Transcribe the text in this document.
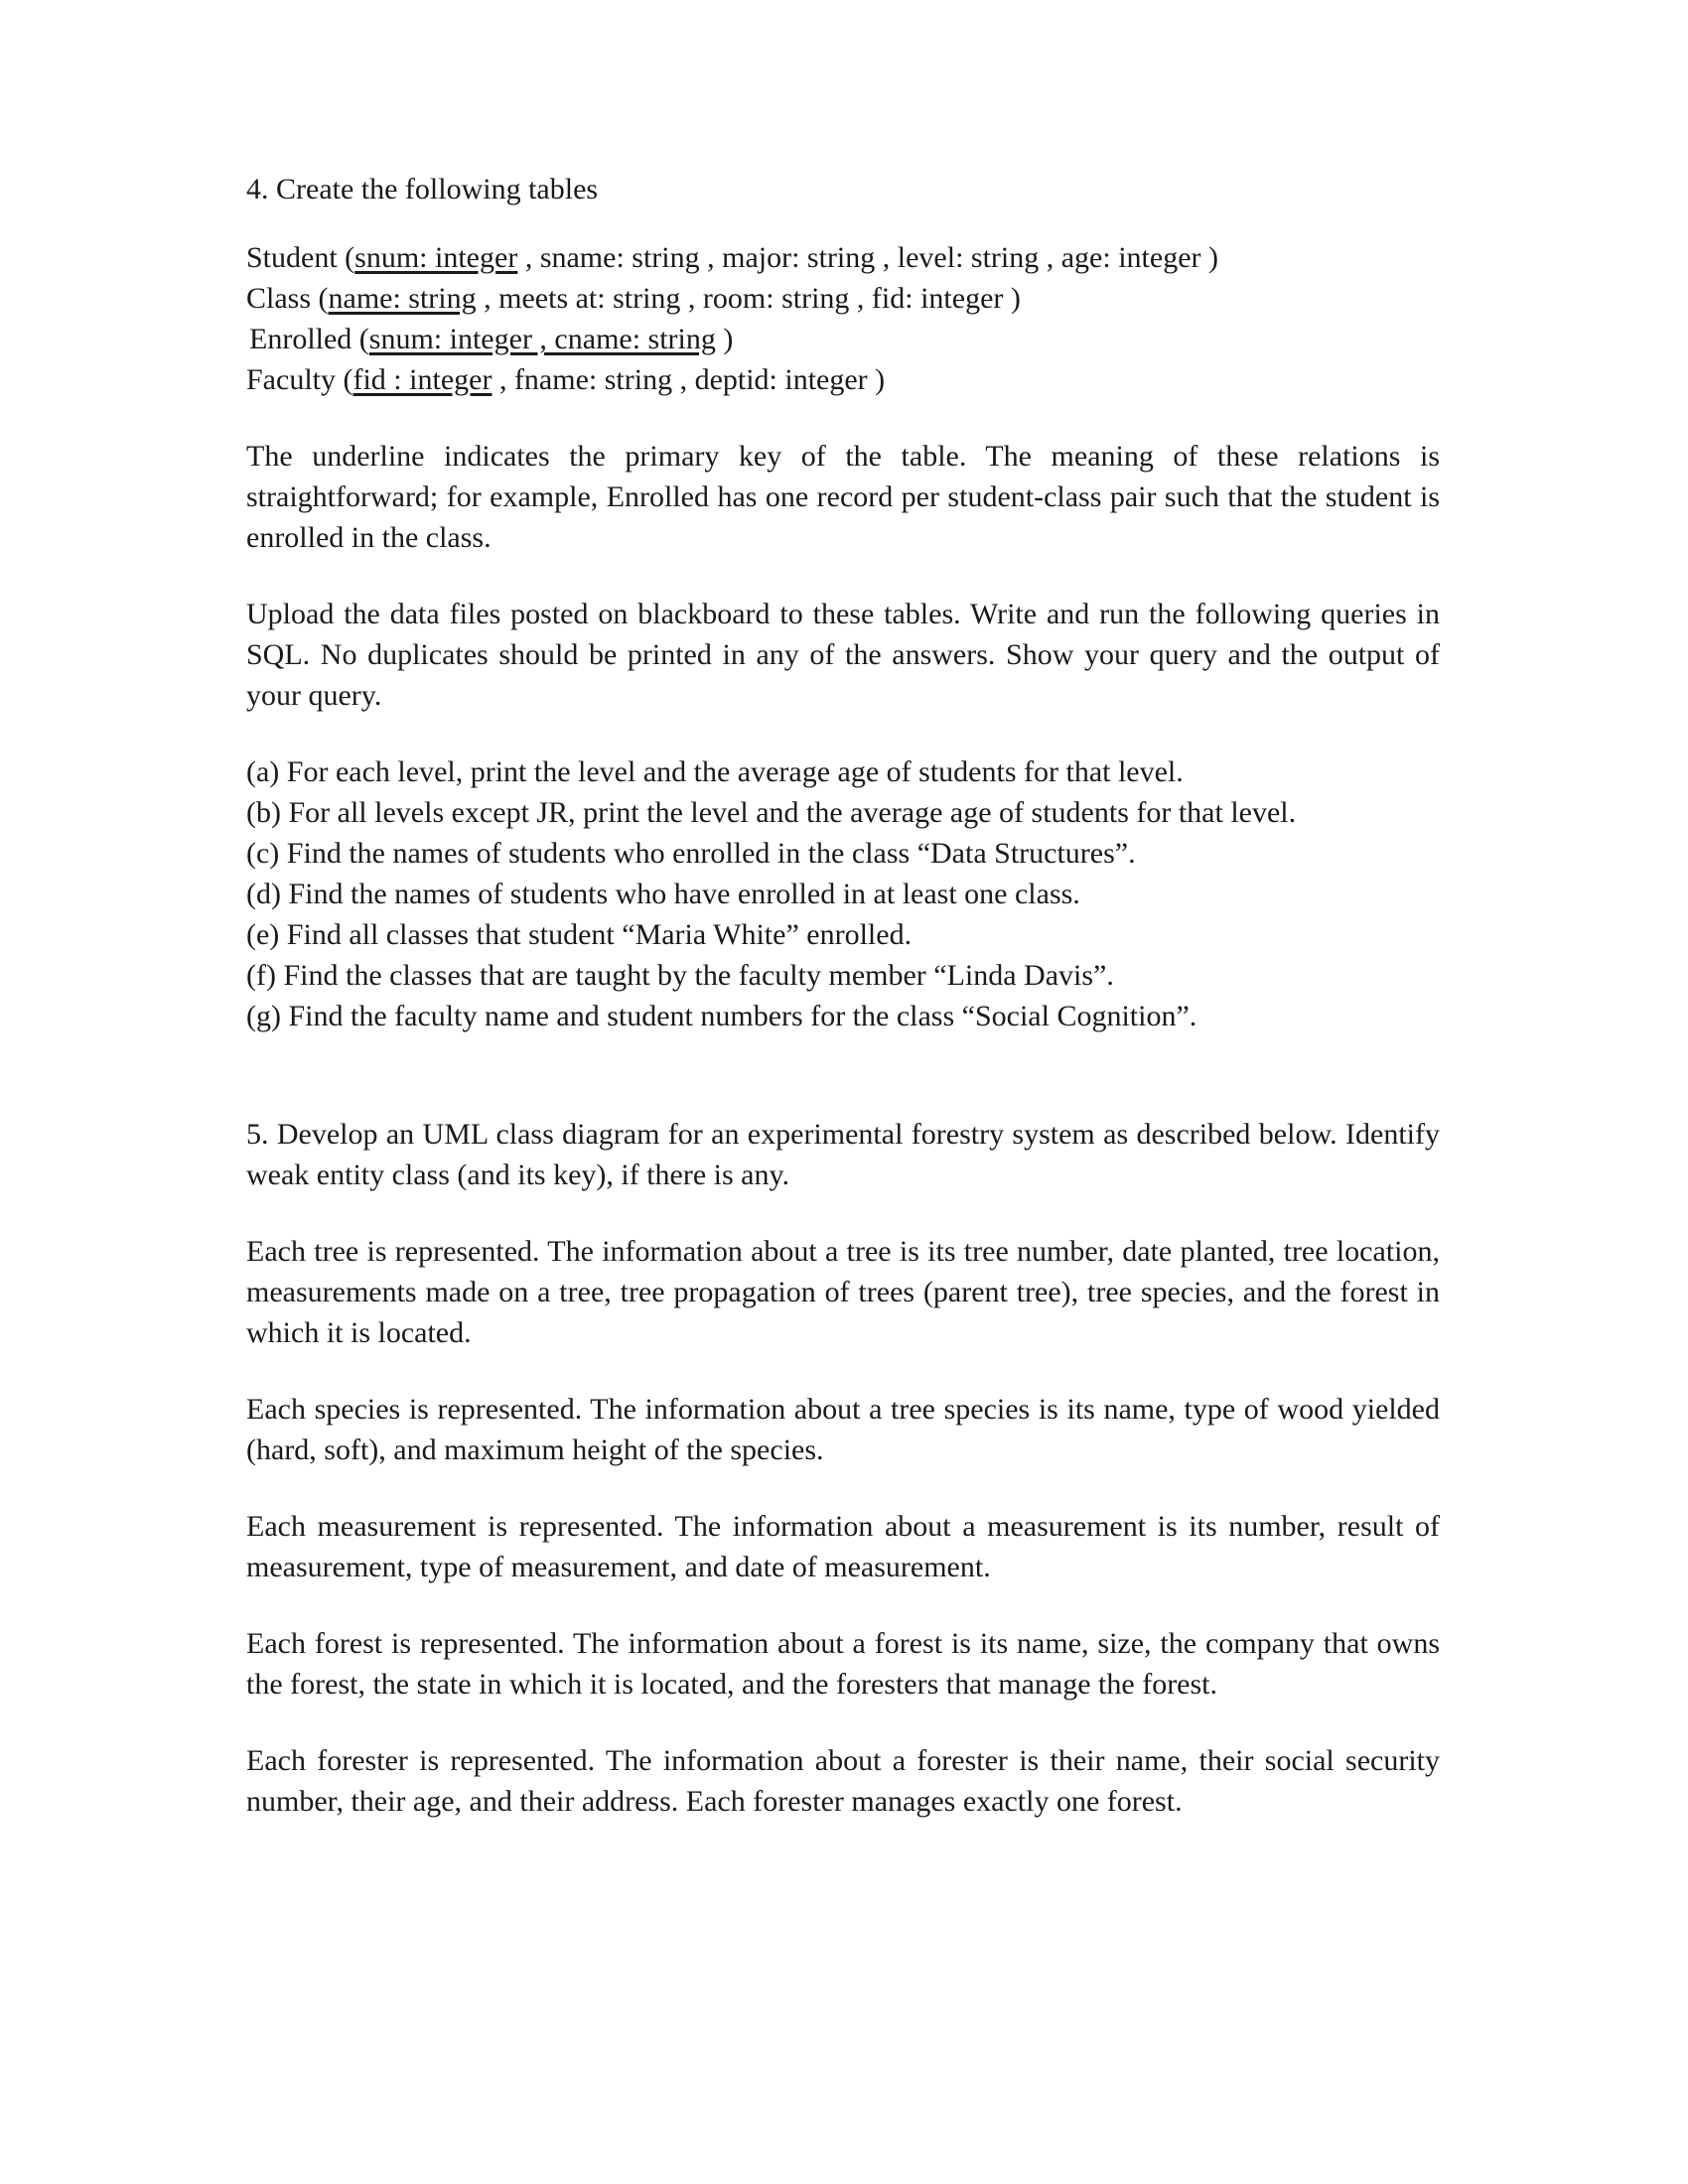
4. Create the following tables
Student (snum: integer , sname: string , major: string , level: string , age: integer )
Class (name: string , meets at: string , room: string , fid: integer )
Enrolled (snum: integer , cname: string )
Faculty (fid : integer , fname: string , deptid: integer )

The underline indicates the primary key of the table. The meaning of these relations is straightforward; for example, Enrolled has one record per student-class pair such that the student is enrolled in the class.

Upload the data files posted on blackboard to these tables. Write and run the following queries in SQL. No duplicates should be printed in any of the answers. Show your query and the output of your query.

(a) For each level, print the level and the average age of students for that level.
(b) For all levels except JR, print the level and the average age of students for that level.
(c) Find the names of students who enrolled in the class “Data Structures”.
(d) Find the names of students who have enrolled in at least one class.
(e) Find all classes that student “Maria White” enrolled.
(f) Find the classes that are taught by the faculty member “Linda Davis”.
(g) Find the faculty name and student numbers for the class “Social Cognition”.

5. Develop an UML class diagram for an experimental forestry system as described below. Identify weak entity class (and its key), if there is any.

Each tree is represented. The information about a tree is its tree number, date planted, tree location, measurements made on a tree, tree propagation of trees (parent tree), tree species, and the forest in which it is located.

Each species is represented. The information about a tree species is its name, type of wood yielded (hard, soft), and maximum height of the species.

Each measurement is represented. The information about a measurement is its number, result of measurement, type of measurement, and date of measurement.

Each forest is represented. The information about a forest is its name, size, the company that owns the forest, the state in which it is located, and the foresters that manage the forest.

Each forester is represented. The information about a forester is their name, their social security number, their age, and their address. Each forester manages exactly one forest.
